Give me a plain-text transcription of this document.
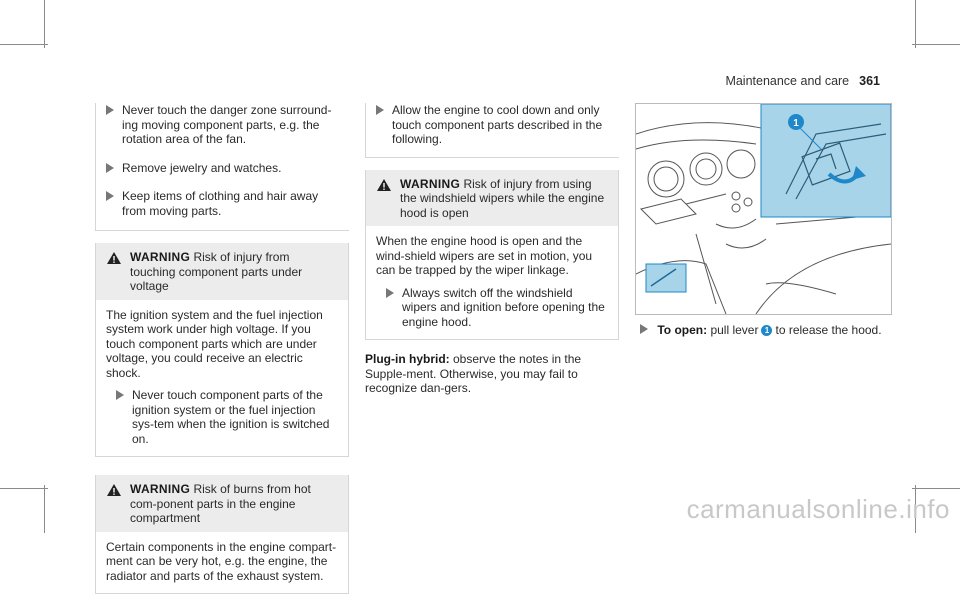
Maintenance and care 361
Never touch the danger zone surround-ing moving component parts, e.g. the rotation area of the fan.
Remove jewelry and watches.
Keep items of clothing and hair away from moving parts.
WARNING Risk of injury from touching component parts under voltage
The ignition system and the fuel injection system work under high voltage. If you touch component parts which are under voltage, you could receive an electric shock.
Never touch component parts of the ignition system or the fuel injection sys-tem when the ignition is switched on.
WARNING Risk of burns from hot com-ponent parts in the engine compartment
Certain components in the engine compart-ment can be very hot, e.g. the engine, the radiator and parts of the exhaust system.
Allow the engine to cool down and only touch component parts described in the following.
WARNING Risk of injury from using the windshield wipers while the engine hood is open
When the engine hood is open and the wind-shield wipers are set in motion, you can be trapped by the wiper linkage.
Always switch off the windshield wipers and ignition before opening the engine hood.
Plug-in hybrid: observe the notes in the Supple-ment. Otherwise, you may fail to recognize dan-gers.
1
To open: pull lever 1 to release the hood.
carmanualsonline.info
